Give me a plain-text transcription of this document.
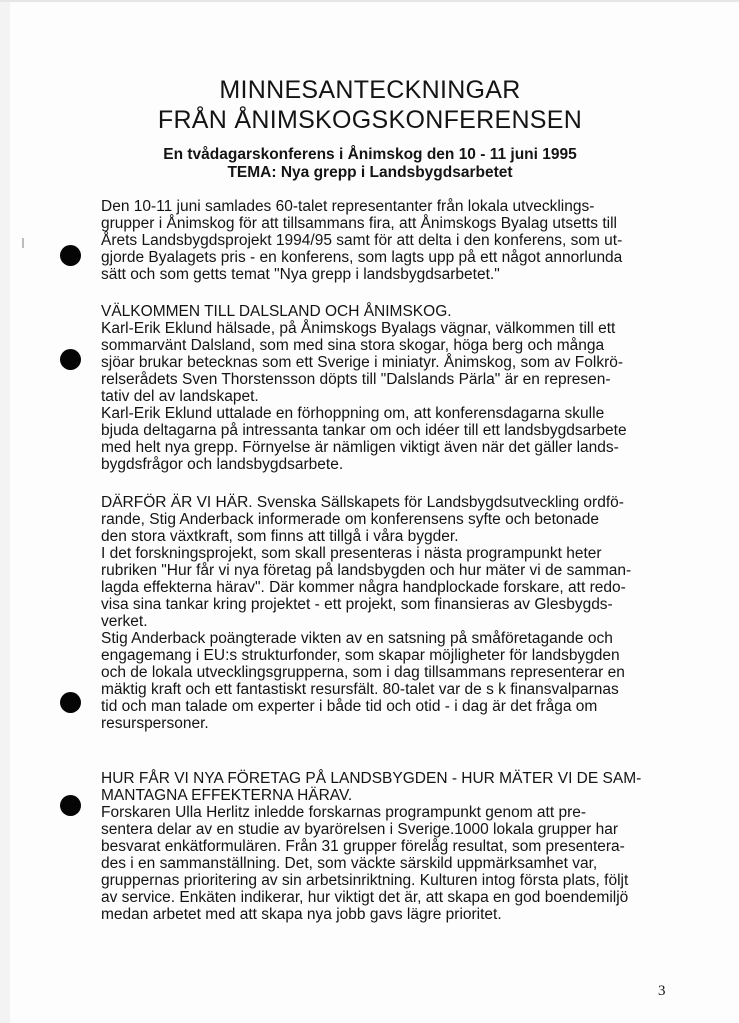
MINNESANTECKNINGAR
FRÅN ÅNIMSKOGSKONFERENSEN

En tvådagarskonferens i Ånimskog den 10 - 11 juni 1995

TEMA: Nya grepp i Landsbygdsarbetet

Den 10-11 juni samlades 60-talet representanter från lokala utvecklings-
grupper i Ånimskog för att tillsammans fira, att Ånimskogs Byalag utsetts till
Årets Landsbygdsprojekt 1994/95 samt för att delta i den konferens, som ut-
gjorde Byalagets pris - en konferens, som lagts upp på ett något annorlunda
sätt och som getts temat "Nya grepp i landsbygdsarbetet."

VÄLKOMMEN TILL DALSLAND OCH ÅNIMSKOG.
Karl-Erik Eklund hälsade, på Ånimskogs Byalags vägnar, välkommen till ett
sommarvänt Dalsland, som med sina stora skogar, höga berg och många
sjöar brukar betecknas som ett Sverige i miniatyr. Ånimskog, som av Folkrö-
relserådets Sven Thorstensson döpts till "Dalslands Pärla" är en represen-
tativ del av landskapet.
Karl-Erik Eklund uttalade en förhoppning om, att konferensdagarna skulle
bjuda deltagarna på intressanta tankar om och idéer till ett landsbygdsarbete
med helt nya grepp. Förnyelse är nämligen viktigt även när det gäller lands-
bygdsfrågor och landsbygdsarbete.

DÄRFÖR ÄR VI HÄR. Svenska Sällskapets för Landsbygdsutveckling ordfö-
rande, Stig Anderback informerade om konferensens syfte och betonade
den stora växtkraft, som finns att tillgå i våra bygder.
I det forskningsprojekt, som skall presenteras i nästa programpunkt heter
rubriken "Hur får vi nya företag på landsbygden och hur mäter vi de samman-
lagda effekterna härav". Där kommer några handplockade forskare, att redo-
visa sina tankar kring projektet - ett projekt, som finansieras av Glesbygds-
verket.
Stig Anderback poängterade vikten av en satsning på småföretagande och
engagemang i EU:s strukturfonder, som skapar möjligheter för landsbygden
och de lokala utvecklingsgrupperna, som i dag tillsammans representerar en
mäktig kraft och ett fantastiskt resursfält. 80-talet var de s k finansvalparnas
tid och man talade om experter i både tid och otid - i dag är det fråga om
resurspersoner.

HUR FÅR VI NYA FÖRETAG PÅ LANDSBYGDEN - HUR MÄTER VI DE SAM-
MANTAGNA EFFEKTERNA HÄRAV.
Forskaren Ulla Herlitz inledde forskarnas programpunkt genom att pre-
sentera delar av en studie av byarörelsen i Sverige.1000 lokala grupper har
besvarat enkätformulären. Från 31 grupper förelåg resultat, som presentera-
des i en sammanställning. Det, som väckte särskild uppmärksamhet var,
gruppernas prioritering av sin arbetsinriktning. Kulturen intog första plats, följt
av service. Enkäten indikerar, hur viktigt det är, att skapa en god boendemiljö
medan arbetet med att skapa nya jobb gavs lägre prioritet.

3
